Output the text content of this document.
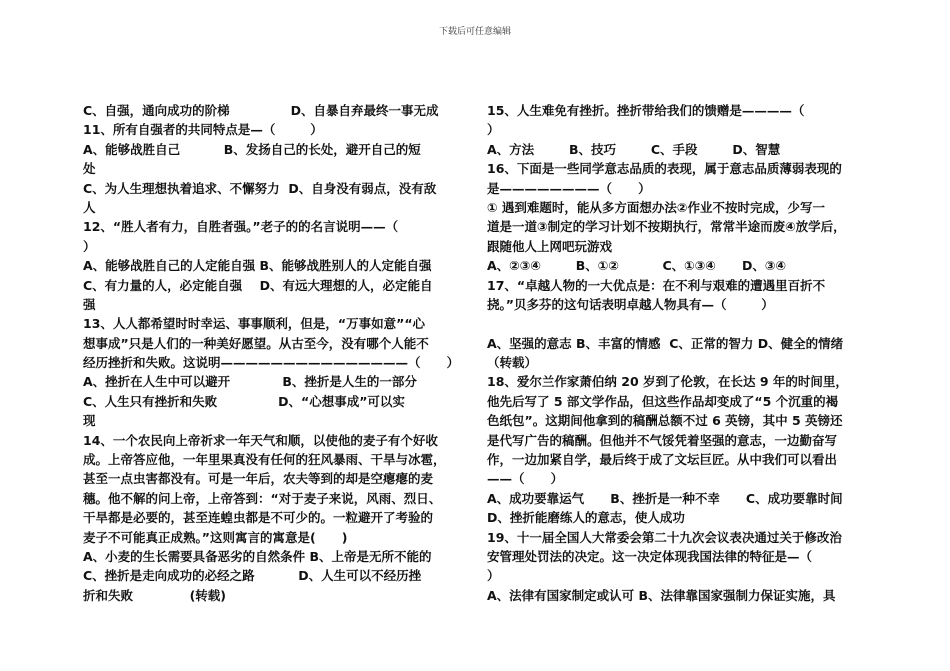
下载后可任意编辑
C、自强，通向成功的阶梯              D、自暴自弃最终一事无成
11、所有自强者的共同特点是—（        ）
A、能够战胜自己          B、发扬自己的长处，避开自己的短
处
C、为人生理想执着追求、不懈努力  D、自身没有弱点，没有敌
人
12、“胜人者有力，自胜者强。”老子的的名言说明——（
）
A、能够战胜自己的人定能自强 B、能够战胜别人的人定能自强
C、有力量的人，必定能自强    D、有远大理想的人，必定能自
强
13、人人都希望时时幸运、事事顺利，但是，“万事如意”“心
想事成”只是人们的一种美好愿望。从古至今，没有哪个人能不
经历挫折和失败。这说明———————————————（      ）
A、挫折在人生中可以避开            B、挫折是人生的一部分
C、人生只有挫折和失败              D、“心想事成”可以实
现
14、一个农民向上帝祈求一年天气和顺，以使他的麦子有个好收
成。上帝答应他，一年里果真没有任何的狂风暴雨、干旱与冰雹，
甚至一点虫害都没有。可是一年后，农夫等到的却是空瘪瘪的麦
穗。他不解的问上帝，上帝答到：“对于麦子来说，风雨、烈日、
干旱都是必要的，甚至连蝗虫都是不可少的。一粒避开了考验的
麦子不可能真正成熟。”这则寓言的寓意是(      )
A、小麦的生长需要具备恶劣的自然条件 B、上帝是无所不能的
C、挫折是走向成功的必经之路          D、人生可以不经历挫
折和失败             (转载)
15、人生难免有挫折。挫折带给我们的馈赠是————（
）
A、方法        B、技巧        C、手段        D、智慧
16、下面是一些同学意志品质的表现，属于意志品质薄弱表现的
是————————（      ）
① 遇到难题时，能从多方面想办法②作业不按时完成，少写一
道是一道③制定的学习计划不按期执行，常常半途而废④放学后，
跟随他人上网吧玩游戏
A、②③④        B、①②          C、①③④      D、③④
17、“卓越人物的一大优点是：在不利与艰难的遭遇里百折不
挠。”贝多芬的这句话表明卓越人物具有—（        ）
A、坚强的意志 B、丰富的情感  C、正常的智力 D、健全的情绪
（转载）
18、爱尔兰作家萧伯纳 20 岁到了伦敦，在长达 9 年的时间里，
他先后写了 5 部文学作品，但这些作品却变成了“5 个沉重的褐
色纸包”。这期间他拿到的稿酬总额不过 6 英镑，其中 5 英镑还
是代写广告的稿酬。但他并不气馁凭着坚强的意志，一边勤奋写
作，一边加紧自学，最后终于成了文坛巨匠。从中我们可以看出
——（      ）
A、成功要靠运气      B、挫折是一种不幸      C、成功要靠时间
D、挫折能磨练人的意志，使人成功
19、十一届全国人大常委会第二十九次会议表决通过关于修改治
安管理处罚法的决定。这一决定体现我国法律的特征是—（
）
A、法律有国家制定或认可 B、法律靠国家强制力保证实施，具
